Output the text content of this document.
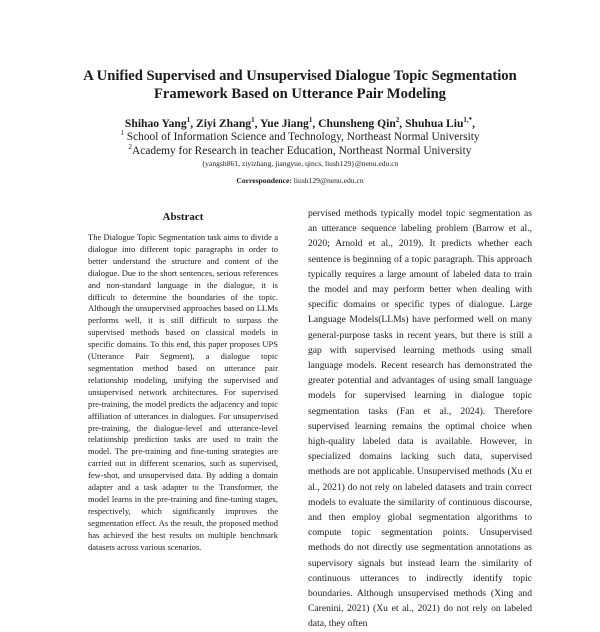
A Unified Supervised and Unsupervised Dialogue Topic Segmentation
Framework Based on Utterance Pair Modeling
Shihao Yang$^1$, Ziyi Zhang$^1$, Yue Jiang$^1$, Chunsheng Qin$^2$, Shuhua Liu$^{1,*}$,
$^1$ School of Information Science and Technology, Northeast Normal University
$^2$Academy for Research in teacher Education, Northeast Normal University
{yangsh861, ziyizhang, jiangyue, qincs, liush129}@nenu.edu.cn
Correspondence: liush129@nenu.edu.cn
Abstract
The Dialogue Topic Segmentation task aims to divide a dialogue into different topic paragraphs in order to better understand the structure and content of the dialogue. Due to the short sentences, serious references and non-standard language in the dialogue, it is difficult to determine the boundaries of the topic. Although the unsupervised approaches based on LLMs performs well, it is still difficult to surpass the supervised methods based on classical models in specific domains. To this end, this paper proposes UPS (Utterance Pair Segment), a dialogue topic segmentation method based on utterance pair relationship modeling, unifying the supervised and unsupervised network architectures. For supervised pre-training, the model predicts the adjacency and topic affiliation of utterances in dialogues. For unsupervised pre-training, the dialogue-level and utterance-level relationship prediction tasks are used to train the model. The pre-training and fine-tuning strategies are carried out in different scenarios, such as supervised, few-shot, and unsupervised data. By adding a domain adapter and a task adapter to the Transformer, the model learns in the pre-training and fine-tuning stages, respectively, which significantly improves the segmentation effect. As the result, the proposed method has achieved the best results on multiple benchmark datasets across various scenarios.
pervised methods typically model topic segmentation as an utterance sequence labeling problem (Barrow et al., 2020; Arnold et al., 2019). It predicts whether each sentence is beginning of a topic paragraph. This approach typically requires a large amount of labeled data to train the model and may perform better when dealing with specific domains or specific types of dialogue. Large Language Models(LLMs) have performed well on many general-purpose tasks in recent years, but there is still a gap with supervised learning methods using small language models. Recent research has demonstrated the greater potential and advantages of using small language models for supervised learning in dialogue topic segmentation tasks (Fan et al., 2024). Therefore supervised learning remains the optimal choice when high-quality labeled data is available. However, in specialized domains lacking such data, supervised methods are not applicable. Unsupervised methods (Xu et al., 2021) do not rely on labeled datasets and train correct models to evaluate the similarity of continuous discourse, and then employ global segmentation algorithms to compute topic segmentation points. Unsupervised methods do not directly use segmentation annotations as supervisory signals but instead learn the similarity of continuous utterances to indirectly identify topic boundaries. Although unsupervised methods (Xing and Carenini, 2021) (Xu et al., 2021) do not rely on labeled data, they often
